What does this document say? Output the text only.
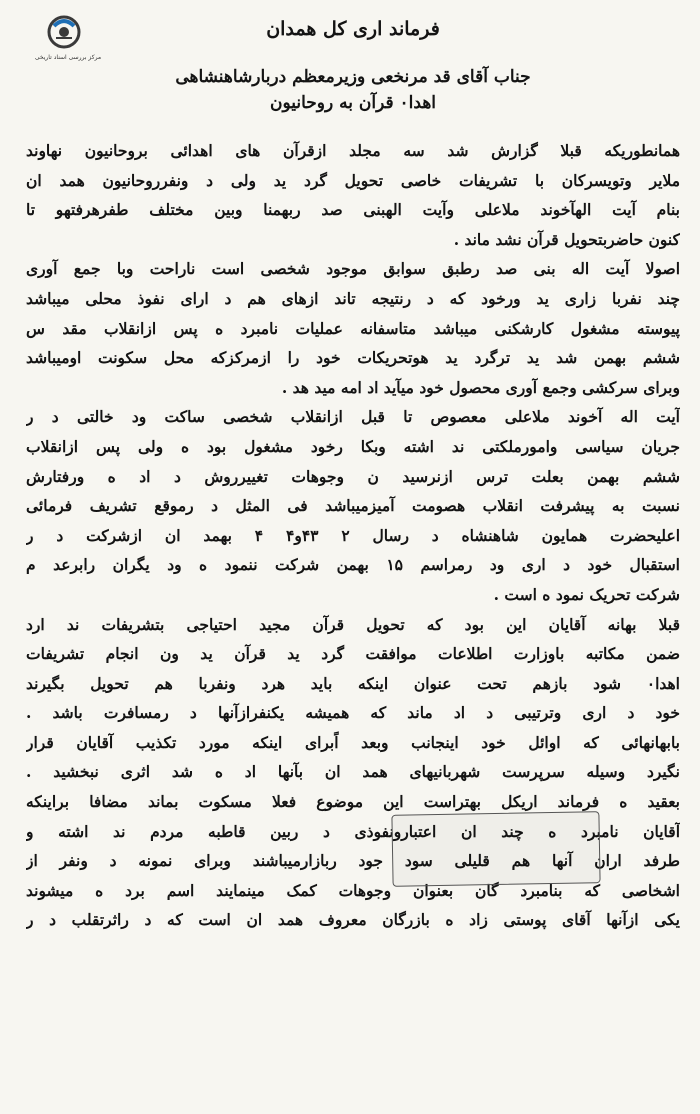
مرکز بررسی اسناد تاریخی
فرماند اری کل همدان
جناب آقای قد مرنخعی وزیرمعظم دربارشاهنشاهی
اهدا٠ قرآن به روحانیون
همانطوریکه قبلا گزارش شد سه مجلد ازقرآن های اهدائی بروحانیون نهاوند
ملایر وتویسرکان با تشریفات خاصی تحویل گرد ید ولی د ونفرروحانیون همد ان
بنام آیت الهآخوند ملاعلی وآیت الهبنی صد ربهمنا وبین مختلف طفرهرفتهو تا
کنون حاضربتحویل قرآن نشد ماند .
اصولا آیت اله بنی صد رطبق سوابق موجود شخصی است ناراحت وبا جمع آوری
چند نفربا زاری ید ورخود که د رنتیجه تاند ازهای هم د ارای نفوذ محلی میباشد
پیوسته مشغول کارشکنی میباشد متاسفانه عملیات نامبرد ه پس ازانقلاب مقد س
ششم بهمن شد ید ترگرد ید هوتحریکات خود را ازمرکزکه محل سکونت اومیباشد
وبرای سرکشی وجمع آوری محصول خود میآید اد امه مید هد .
آیت اله آخوند ملاعلی معصوص تا قبل ازانقلاب شخصی ساکت ود خالتی د ر
جریان سیاسی وامورملکتی ند اشته وبکا رخود مشغول بود ه ولی پس ازانقلاب
ششم بهمن بعلت ترس ازنرسید ن وجوهات تغییرروش د اد ه ورفتارش
نسبت به پیشرفت انقلاب هصومت آمیزمیباشد فی المثل د رموقع تشریف فرمائی
اعلیحضرت همایون شاهنشاه د رسال ۲ ۴۳و۴ ۴ بهمد ان ازشرکت د ر
استقبال خود د اری ود رمراسم ۱۵ بهمن شرکت ننمود ه ود یگران رابرعد م
شرکت تحریک نمود ه است .
قبلا بهانه آقایان این بود که تحویل قرآن مجید احتیاجی بتشریفات ند ارد
ضمن مکاتبه باوزارت اطلاعات موافقت گرد ید قرآن ید ون انجام تشریفات
اهدا٠ شود بازهم تحت عنوان اینکه باید هرد ونفربا هم تحویل بگیرند
خود د اری وترتیبی د اد ماند که همیشه یکنفرازآنها د رمسافرت باشد .
بابهانهائی که اوائل خود اینجانب وبعد اًبرای اینکه مورد تکذیب آقایان قرار
نگیرد وسیله سرپرست شهربانیهای همد ان بآنها اد ه شد اثری نبخشید .
بعقید ه فرماند اریکل بهتراست این موضوع فعلا مسکوت بماند مضافا براینکه
آقایان نامبرد ه چند ان اعتبارونفوذی د ربین قاطبه مردم ند اشته و
طرفد اران آنها هم قلیلی سود جود ربازارمیباشند وبرای نمونه د ونفر از
اشخاصی که بنامبرد گان بعنوان وجوهات کمک مینمایند اسم برد ه میشوند
یکی ازآنها آقای پوستی زاد ه بازرگان معروف همد ان است که د راثرتقلب د ر
